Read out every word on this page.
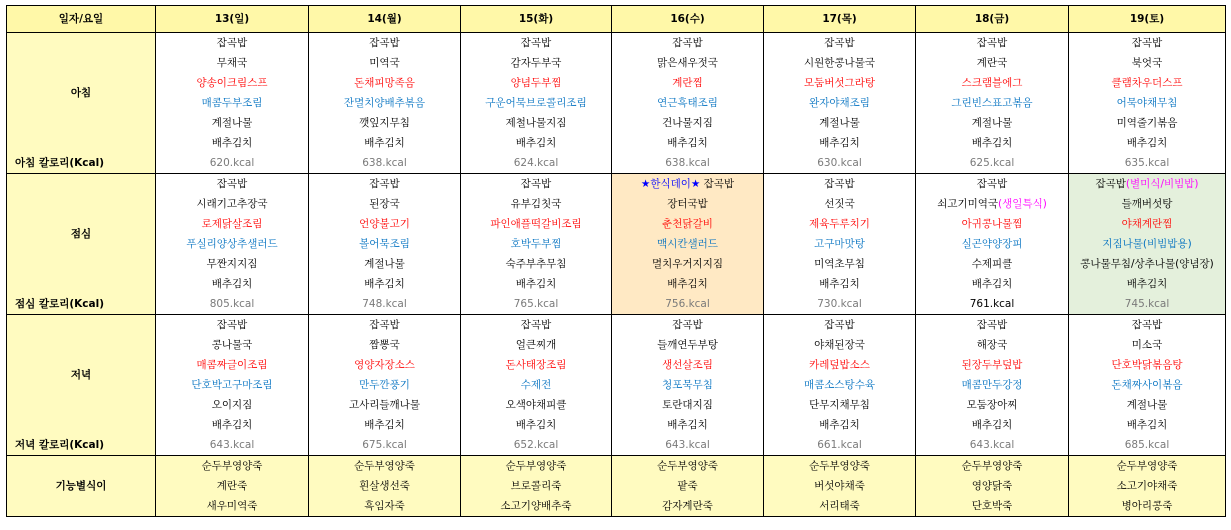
일자/요일	13(일)	14(월)	15(화)	16(수)	17(목)	18(금)	19(토)
아침	잡곡밥	잡곡밥	잡곡밥	잡곡밥	잡곡밥	잡곡밥	잡곡밥
	무채국	미역국	감자두부국	맑은새우젓국	시원한콩나물국	계란국	북엇국
	양송이크림스프	돈채피망족음	양념두부찜	계란찜	모둠버섯그라탕	스크램블에그	클램차우더스프
	매콤두부조림	잔멸치양배추볶음	구운어묵브로콜리조림	연근흑태조림	완자야채조림	그린빈스표고볶음	어묵야채무침
	계절나물	깻잎지무침	제철나물지짐	건나물지짐	계절나물	계절나물	미역줄기볶음
	배추김치	배추김치	배추김치	배추김치	배추김치	배추김치	배추김치
아침 칼로리(Kcal)	620.kcal	638.kcal	624.kcal	638.kcal	630.kcal	625.kcal	635.kcal
점심	잡곡밥	잡곡밥	잡곡밥	★한식데이★ 잡곡밥	잡곡밥	잡곡밥	잡곡밥(별미식/비빔밥)
	시래기고추장국	된장국	유부김칫국	장터국밥	선짓국	쇠고기미역국(생일특식)	들깨버섯탕
	로제닭살조림	언양불고기	파인애플떡갈비조림	춘천닭갈비	제육두루치기	아귀콩나물찜	야채계란찜
	푸실리양상추샐러드	볼어묵조림	호박두부찜	맥시칸샐러드	고구마맛탕	실곤약양장피	지짐나물(비빔밥용)
	무짠지지짐	계절나물	숙주부추무침	멸치우거지지짐	미역초무침	수제피클	콩나물무침/상추나물(양념장)
	배추김치	배추김치	배추김치	배추김치	배추김치	배추김치	배추김치
점심 칼로리(Kcal)	805.kcal	748.kcal	765.kcal	756.kcal	730.kcal	761.kcal	745.kcal
저녁	잡곡밥	잡곡밥	잡곡밥	잡곡밥	잡곡밥	잡곡밥	잡곡밥
	콩나물국	짬뽕국	얼큰찌개	들깨연두부탕	야채된장국	해장국	미소국
	매콤짜글이조림	영양자장소스	돈사태장조림	생선살조림	카레덮밥소스	된장두부덮밥	단호박닭볶음탕
	단호박고구마조림	만두깐풍기	수제전	청포묵무침	매콤소스탕수육	매콤만두강정	돈채짜사이볶음
	오이지짐	고사리들깨나물	오색야채피클	토란대지짐	단무지채무침	모둠장아찌	계절나물
	배추김치	배추김치	배추김치	배추김치	배추김치	배추김치	배추김치
저녁 칼로리(Kcal)	643.kcal	675.kcal	652.kcal	643.kcal	661.kcal	643.kcal	685.kcal
기능별식이	순두부영양죽	순두부영양죽	순두부영양죽	순두부영양죽	순두부영양죽	순두부영양죽	순두부영양죽
	계란죽	흰살생선죽	브로콜리죽	팥죽	버섯야채죽	영양닭죽	소고기야채죽
	새우미역죽	흑임자죽	소고기양배추죽	감자계란죽	서리태죽	단호박죽	병아리콩죽
